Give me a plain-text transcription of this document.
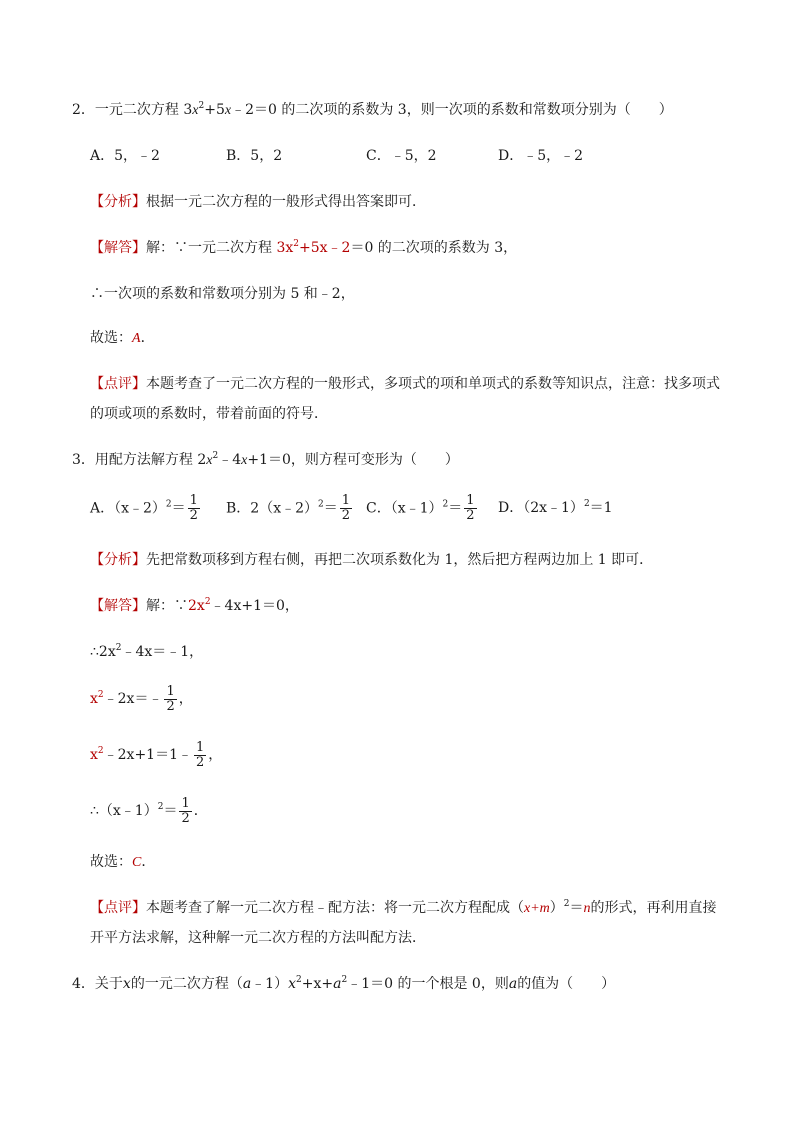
2．一元二次方程 $3x^2+5x﹣2=0$ 的二次项的系数为 3，则一次项的系数和常数项分别为（　　）
A．5，﹣2	B．5，2	C．﹣5，2	D．﹣5，﹣2
【分析】根据一元二次方程的一般形式得出答案即可．
【解答】解：∵一元二次方程 $3x^2+5x﹣2=0$ 的二次项的系数为 3，
∴一次项的系数和常数项分别为 5 和﹣2，
故选：A．
【点评】本题考查了一元二次方程的一般形式，多项式的项和单项式的系数等知识点，注意：找多项式
的项或项的系数时，带着前面的符号．
3．用配方法解方程 $2x^2﹣4x+1=0$，则方程可变形为（　　）
A．（x﹣2）$^2$＝ $\frac{1}{2}$ B．2（x﹣2）$^2$＝ $\frac{1}{2}$ C．（x﹣1）$^2$＝ $\frac{1}{2}$ D．（2x﹣1）$^2$＝1
【分析】先把常数项移到方程右侧，再把二次项系数化为 1，然后把方程两边加上 1 即可．
【解答】解：$\because 2x^2﹣4x+1=0$，
$\therefore 2x^2﹣4x=﹣1$，
$x^2﹣2x=﹣ \frac{1}{2}$ ，
$x^2﹣2x+1=1﹣ \frac{1}{2}$ ，
∴（x﹣1）$^2$＝ $\frac{1}{2}$ ．
故选：C．
【点评】本题考查了解一元二次方程﹣配方法：将一元二次方程配成$(x+m)^2=n$的形式，再利用直接
开平方法求解，这种解一元二次方程的方法叫配方法．
4．关于x的一元二次方程$(a﹣1)x^2+x+a^2﹣1=0$ 的一个根是 0，则a的值为（　　）
